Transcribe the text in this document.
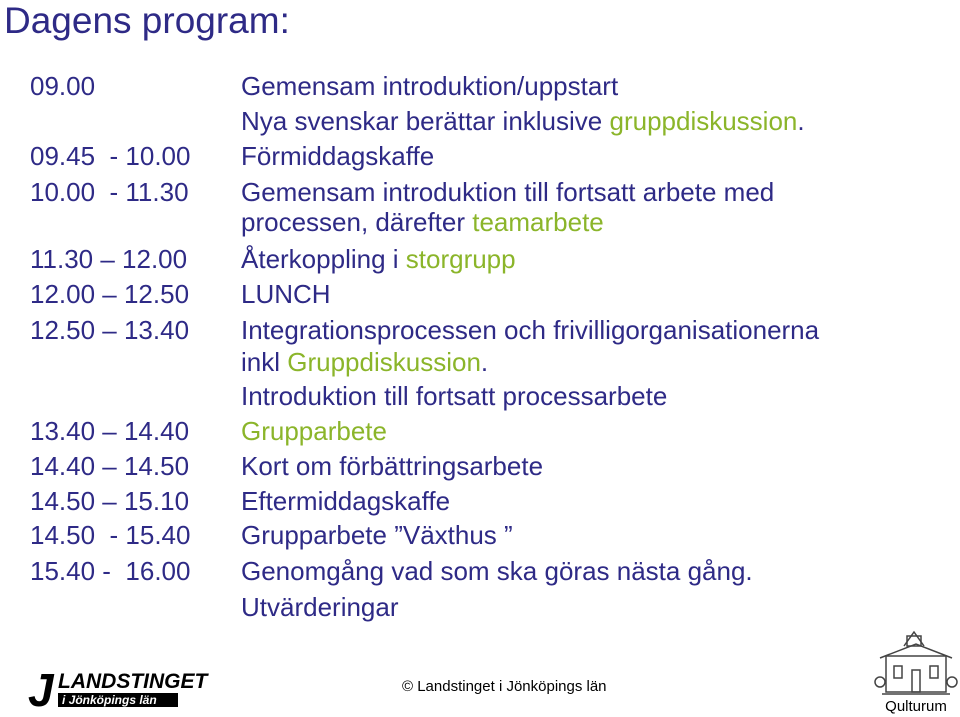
Dagens program:
09.00	Gemensam introduktion/uppstart
Nya svenskar berättar inklusive gruppdiskussion.
09.45  - 10.00	Förmiddagskaffe
10.00  - 11.30	Gemensam introduktion till fortsatt arbete med
processen, därefter teamarbete
11.30 – 12.00	Återkoppling i storgrupp
12.00 – 12.50	LUNCH
12.50 – 13.40	Integrationsprocessen och frivilligorganisationerna
inkl Gruppdiskussion.
Introduktion till fortsatt processarbete
13.40 – 14.40	Grupparbete
14.40 – 14.50	Kort om förbättringsarbete
14.50 – 15.10	Eftermiddagskaffe
14.50  - 15.40	Grupparbete ”Växthus ”
15.40 -  16.00	Genomgång vad som ska göras nästa gång.
Utvärderingar
J LANDSTINGET
i Jönköpings län
© Landstinget i Jönköpings län
Qulturum
